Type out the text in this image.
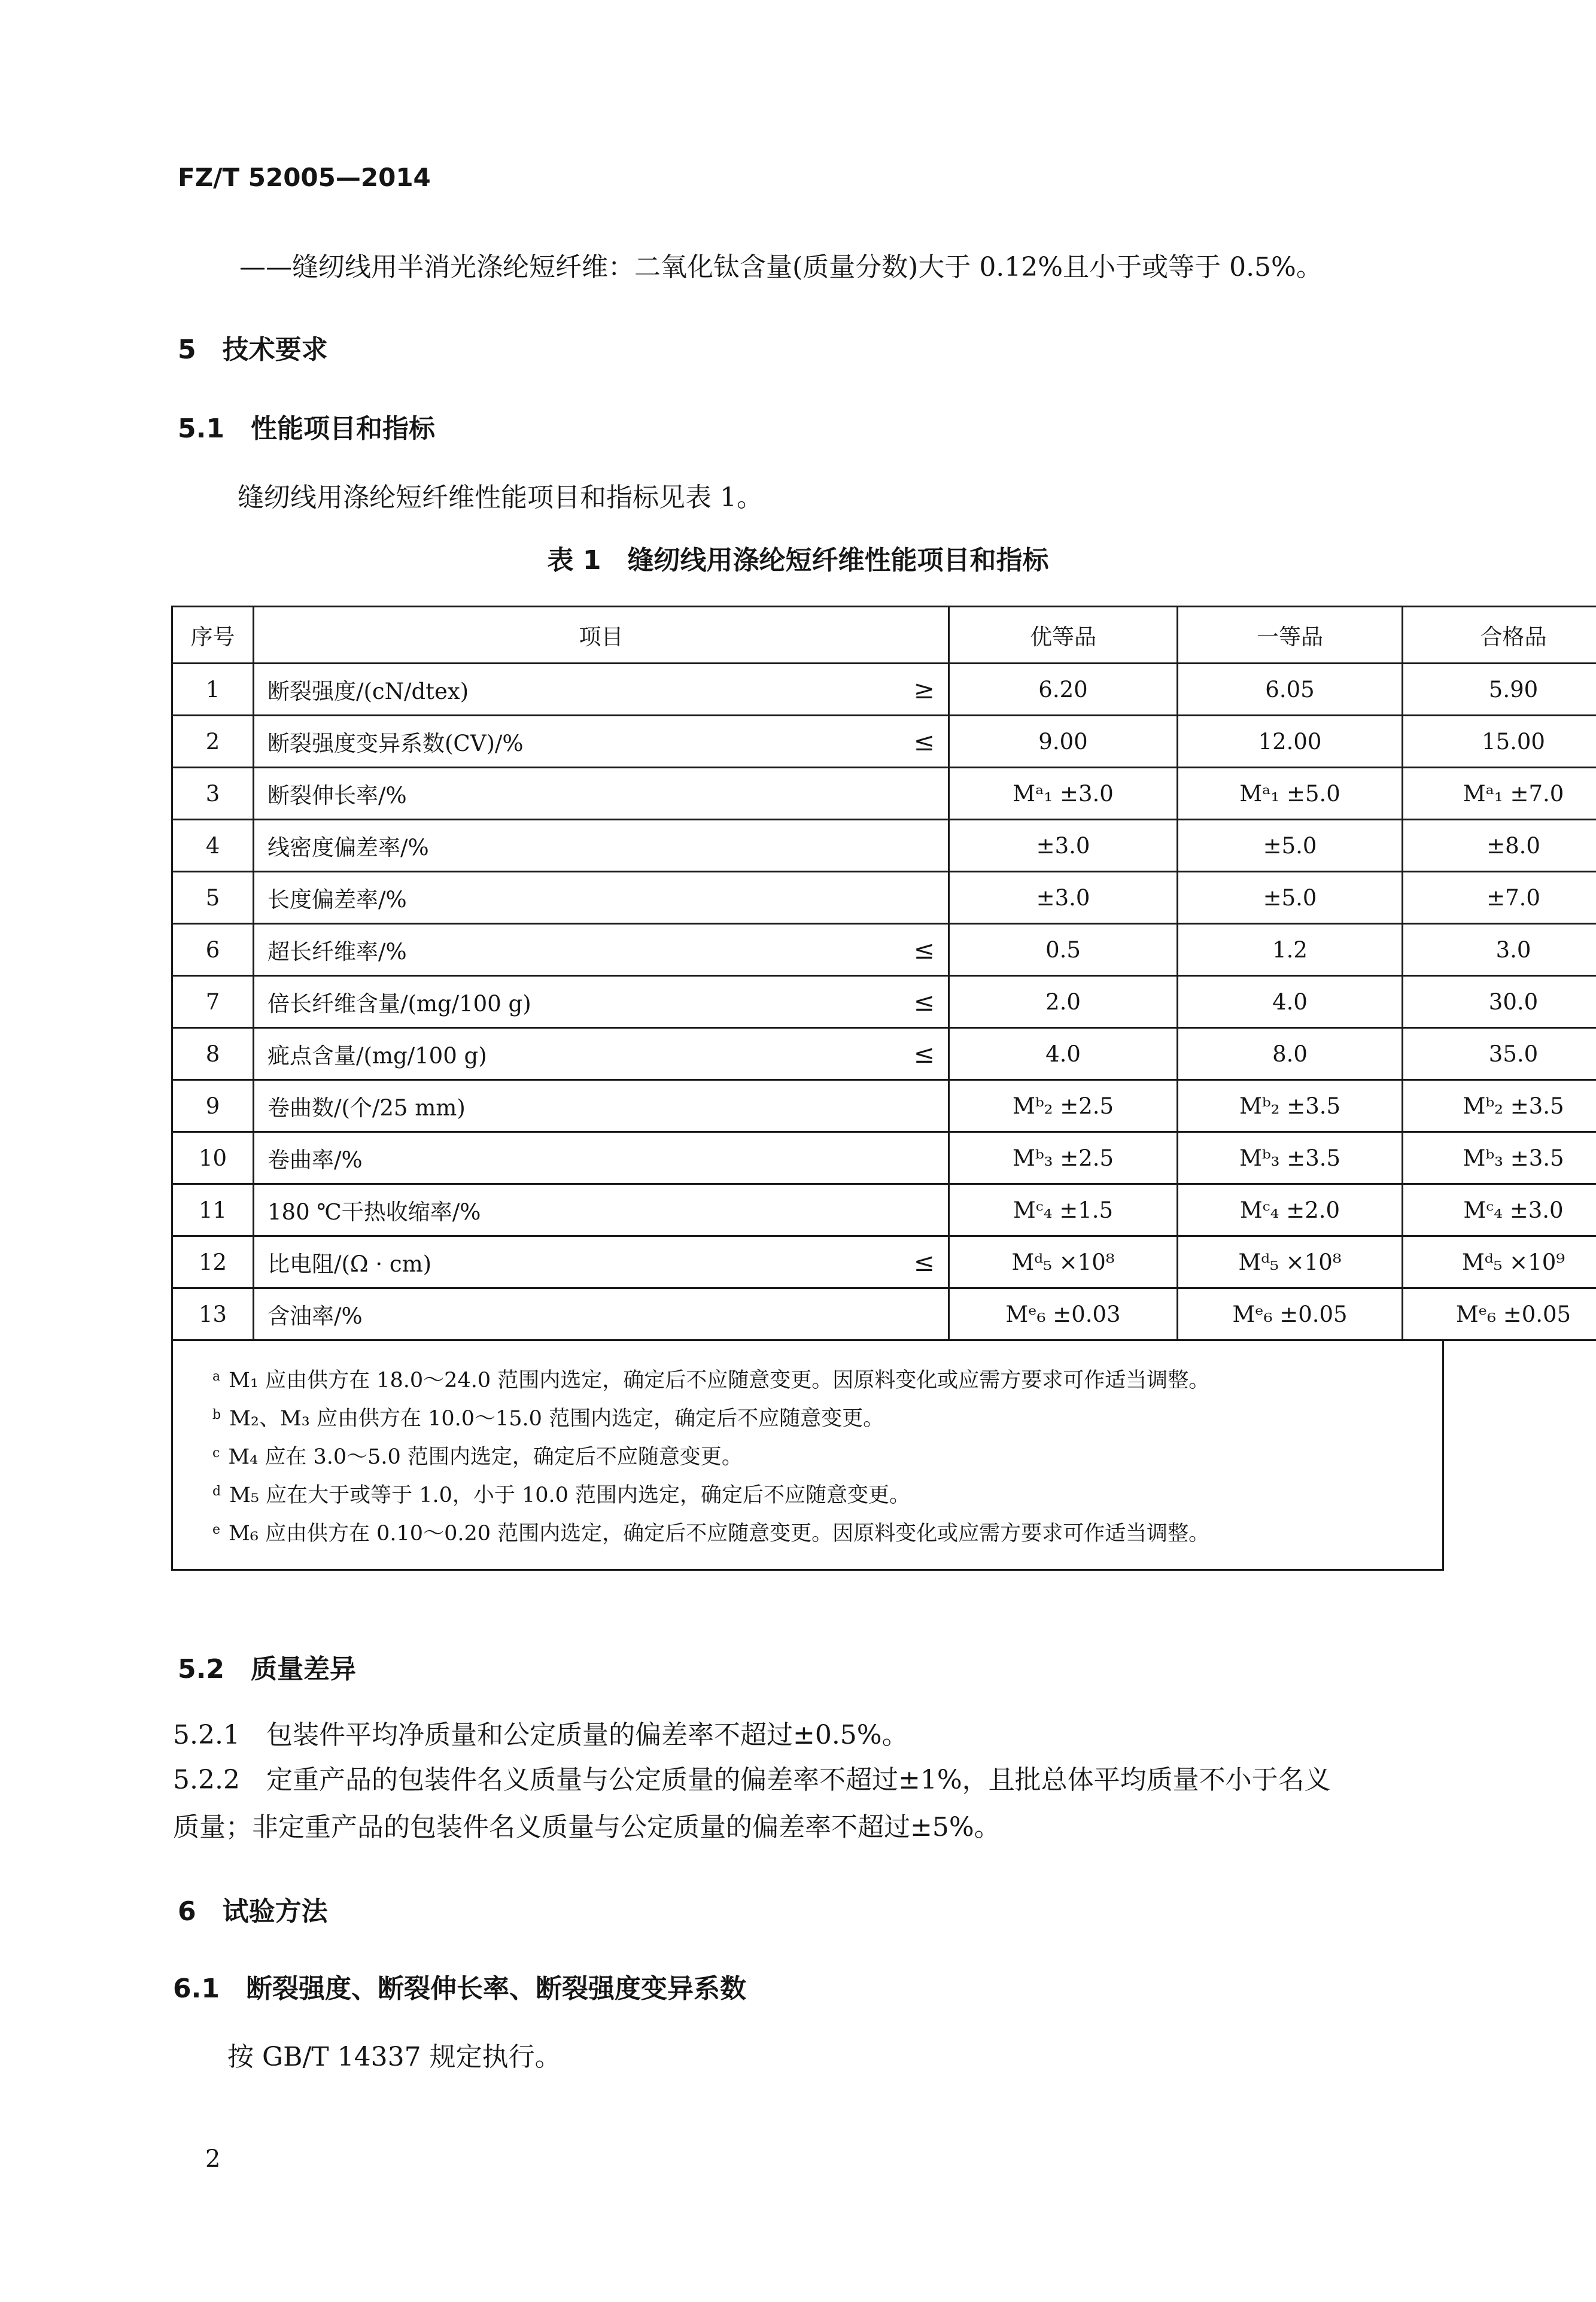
FZ/T 52005—2014
——缝纫线用半消光涤纶短纤维：二氧化钛含量(质量分数)大于 0.12%且小于或等于 0.5%。
5　技术要求
5.1　性能项目和指标
缝纫线用涤纶短纤维性能项目和指标见表 1。
表 1　缝纫线用涤纶短纤维性能项目和指标
序号	项目		优等品	一等品	合格品
1	断裂强度/(cN/dtex)	≥	6.20	6.05	5.90
2	断裂强度变异系数(CV)/%	≤	9.00	12.00	15.00
3	断裂伸长率/%		Mᵃ₁ ±3.0	Mᵃ₁ ±5.0	Mᵃ₁ ±7.0
4	线密度偏差率/%		±3.0	±5.0	±8.0
5	长度偏差率/%		±3.0	±5.0	±7.0
6	超长纤维率/%	≤	0.5	1.2	3.0
7	倍长纤维含量/(mg/100 g)	≤	2.0	4.0	30.0
8	疵点含量/(mg/100 g)	≤	4.0	8.0	35.0
9	卷曲数/(个/25 mm)		Mᵇ₂ ±2.5	Mᵇ₂ ±3.5	Mᵇ₂ ±3.5
10	卷曲率/%		Mᵇ₃ ±2.5	Mᵇ₃ ±3.5	Mᵇ₃ ±3.5
11	180 ℃干热收缩率/%		Mᶜ₄ ±1.5	Mᶜ₄ ±2.0	Mᶜ₄ ±3.0
12	比电阻/(Ω · cm)	≤	Mᵈ₅ ×10⁸	Mᵈ₅ ×10⁸	Mᵈ₅ ×10⁹
13	含油率/%		Mᵉ₆ ±0.03	Mᵉ₆ ±0.05	Mᵉ₆ ±0.05
$^a$ M₁ 应由供方在 18.0～24.0 范围内选定，确定后不应随意变更。因原料变化或应需方要求可作适当调整。
$^b$ M₂、M₃ 应由供方在 10.0～15.0 范围内选定，确定后不应随意变更。
$^c$ M₄ 应在 3.0～5.0 范围内选定，确定后不应随意变更。
$^d$ M₅ 应在大于或等于 1.0，小于 10.0 范围内选定，确定后不应随意变更。
$^e$ M₆ 应由供方在 0.10～0.20 范围内选定，确定后不应随意变更。因原料变化或应需方要求可作适当调整。
5.2　质量差异
5.2.1　包装件平均净质量和公定质量的偏差率不超过±0.5%。
5.2.2　定重产品的包装件名义质量与公定质量的偏差率不超过±1%，且批总体平均质量不小于名义
质量；非定重产品的包装件名义质量与公定质量的偏差率不超过±5%。
6　试验方法
6.1　断裂强度、断裂伸长率、断裂强度变异系数
按 GB/T 14337 规定执行。
2
